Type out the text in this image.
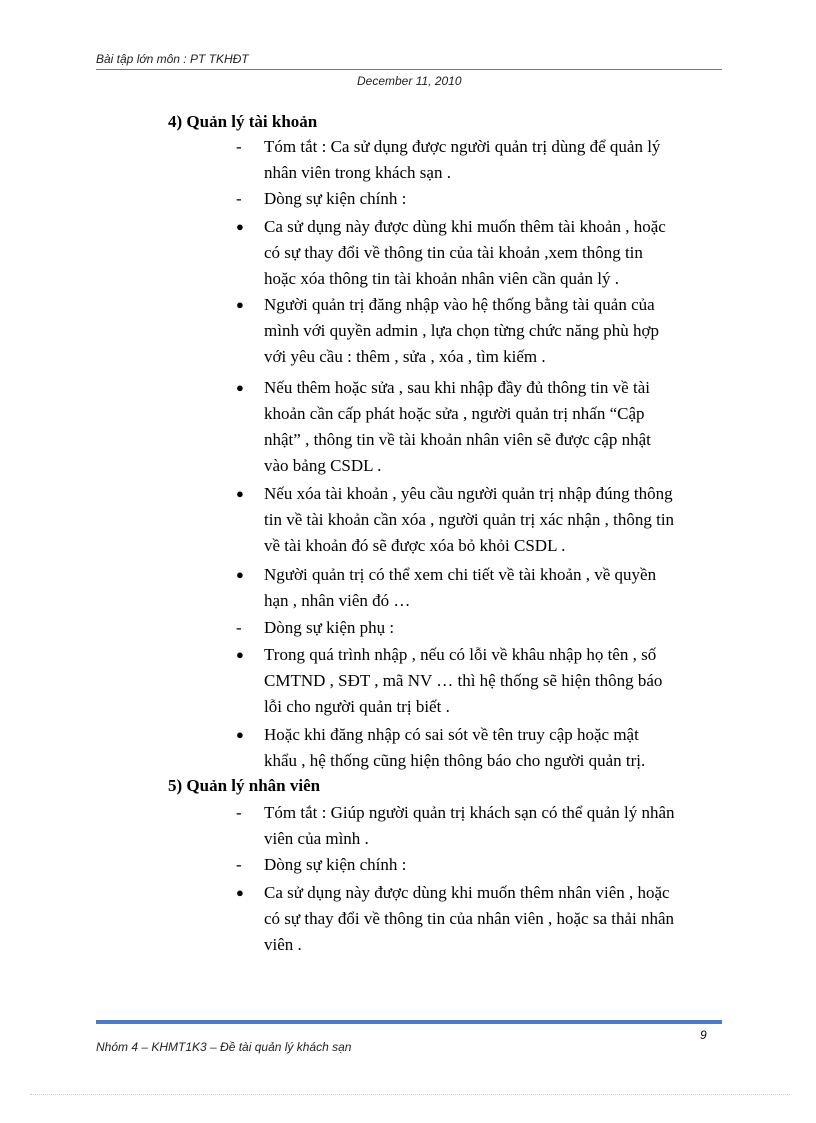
Bài tập lớn môn : PT TKHĐT
December 11, 2010
4) Quản lý tài khoản
-	Tóm tắt : Ca sử dụng được người quản trị dùng để quản lý
nhân viên trong khách sạn .
-	Dòng sự kiện chính :
●	Ca sử dụng này được dùng khi muốn thêm tài khoản , hoặc
có sự thay đổi về thông tin của tài khoản ,xem thông tin
hoặc xóa thông tin tài khoản nhân viên cần quản lý .
●	Người quản trị đăng nhập vào hệ thống bằng tài quản của
mình với quyền admin , lựa chọn từng chức năng phù hợp
với yêu cầu : thêm , sửa , xóa , tìm kiếm .
●	Nếu thêm hoặc sửa , sau khi nhập đầy đủ thông tin về tài
khoản cần cấp phát hoặc sửa , người quản trị nhấn “Cập
nhật” , thông tin về tài khoản nhân viên sẽ được cập nhật
vào bảng CSDL .
●	Nếu xóa tài khoản , yêu cầu người quản trị nhập đúng thông
tin về tài khoản cần xóa , người quản trị xác nhận , thông tin
về tài khoản đó sẽ được xóa bỏ khỏi CSDL .
●	Người quản trị có thể xem chi tiết về tài khoản , về quyền
hạn , nhân viên đó …
-	Dòng sự kiện phụ :
●	Trong quá trình nhập , nếu có lỗi về khâu nhập họ tên , số
CMTND , SĐT , mã NV … thì hệ thống sẽ hiện thông báo
lỗi cho người quản trị biết .
●	Hoặc khi đăng nhập có sai sót về tên truy cập hoặc mật
khẩu , hệ thống cũng hiện thông báo cho người quản trị.
5) Quản lý nhân viên
-	Tóm tắt : Giúp người quản trị khách sạn có thể quản lý nhân
viên của mình .
-	Dòng sự kiện chính :
●	Ca sử dụng này được dùng khi muốn thêm nhân viên , hoặc
có sự thay đổi về thông tin của nhân viên , hoặc sa thải nhân
viên .
9
Nhóm 4 – KHMT1K3 – Đề tài quản lý khách sạn
